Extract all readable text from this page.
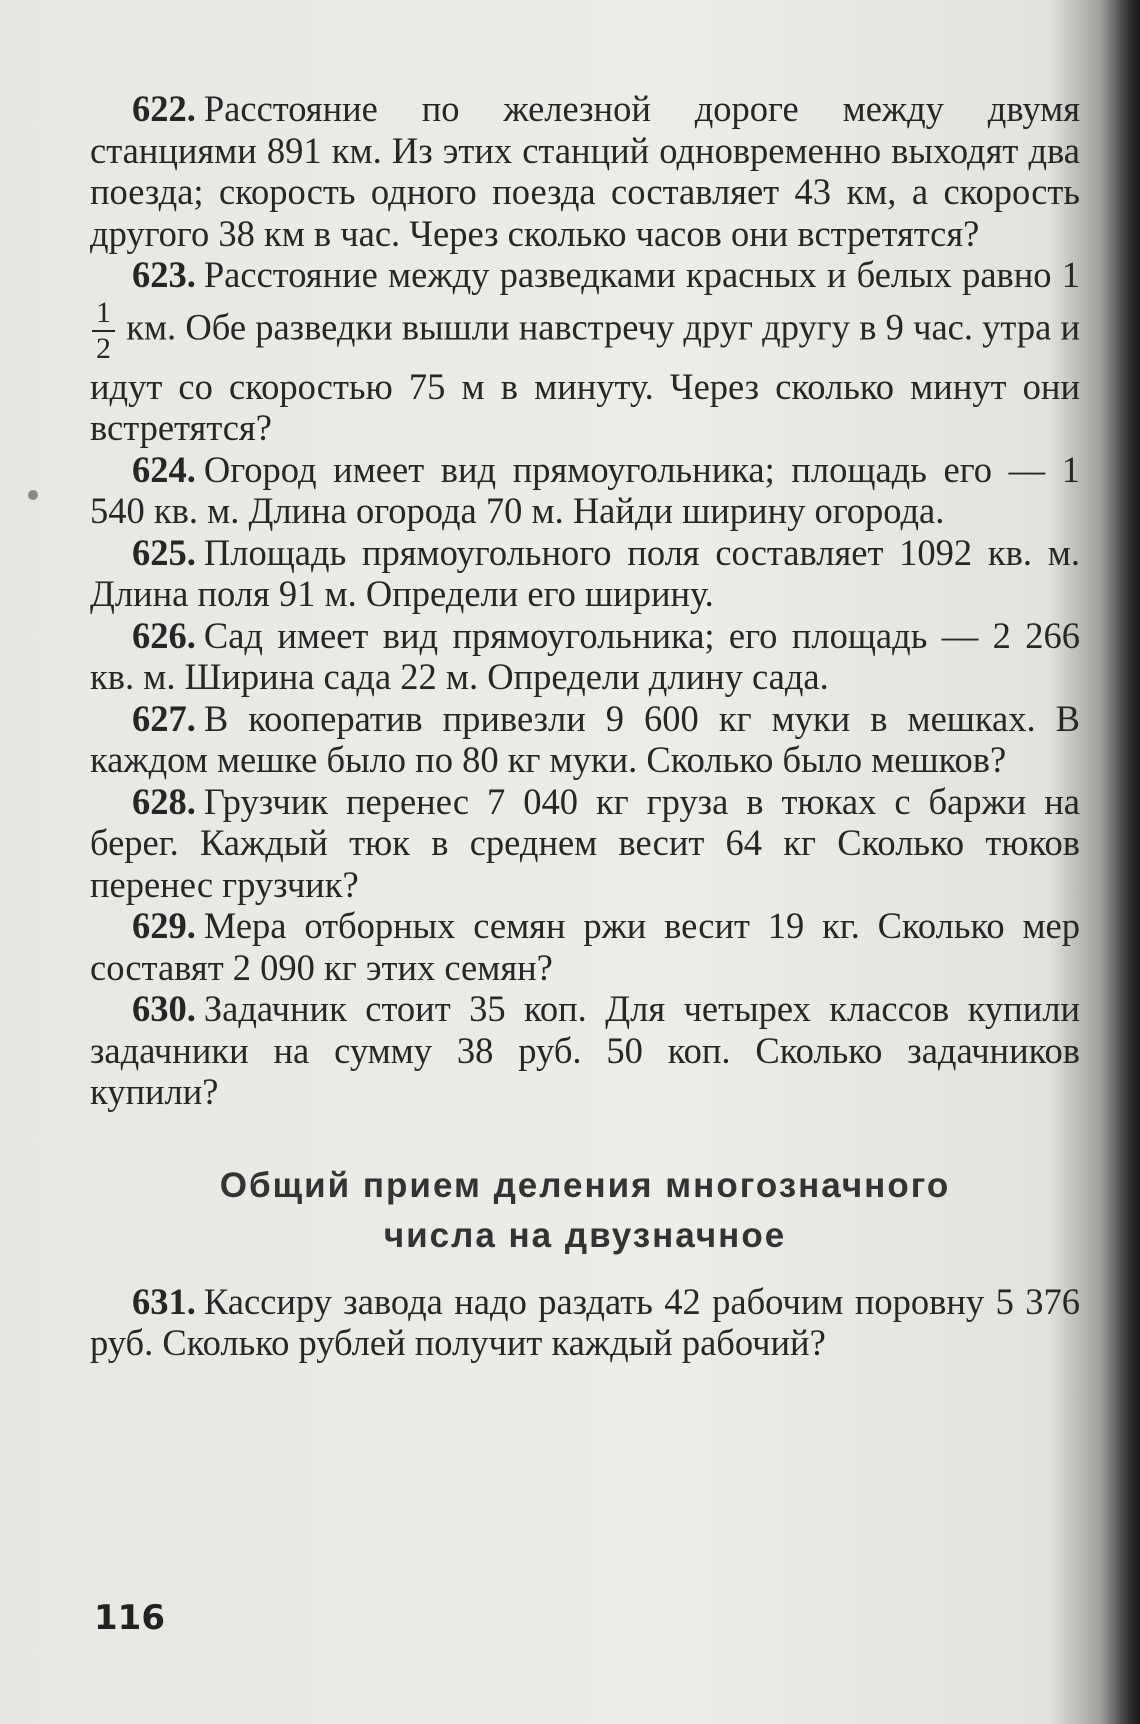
622. Расстояние по железной дороге между двумя станциями 891 км. Из этих станций одновременно выходят два поезда; скорость одного поезда составляет 43 км, а скорость другого 38 км в час. Через сколько часов они встретятся?

623. Расстояние между разведками красных и белых равно 1
$\frac{1}{2}$ км. Обе разведки вышли навстречу друг другу в 9 час. утра и идут со скоростью 75 м в минуту. Через сколько минут они встретятся?

624. Огород имеет вид прямоугольника; площадь его — 1 540 кв. м. Длина огорода 70 м. Найди ширину огорода.

625. Площадь прямоугольного поля составляет 1092 кв. м. Длина поля 91 м. Определи его ширину.

626. Сад имеет вид прямоугольника; его площадь — 2 266 кв. м. Ширина сада 22 м. Определи длину сада.

627. В кооператив привезли 9 600 кг муки в мешках. В каждом мешке было по 80 кг муки. Сколько было мешков?

628. Грузчик перенес 7 040 кг груза в тюках с баржи на берег. Каждый тюк в среднем весит 64 кг Сколько тюков перенес грузчик?

629. Мера отборных семян ржи весит 19 кг. Сколько мер составят 2 090 кг этих семян?

630. Задачник стоит 35 коп. Для четырех классов купили задачники на сумму 38 руб. 50 коп. Сколько задачников купили?

Общий прием деления многозначного
числа на двузначное

631. Кассиру завода надо раздать 42 рабочим поровну 5 376 руб. Сколько рублей получит каждый рабочий?

116
